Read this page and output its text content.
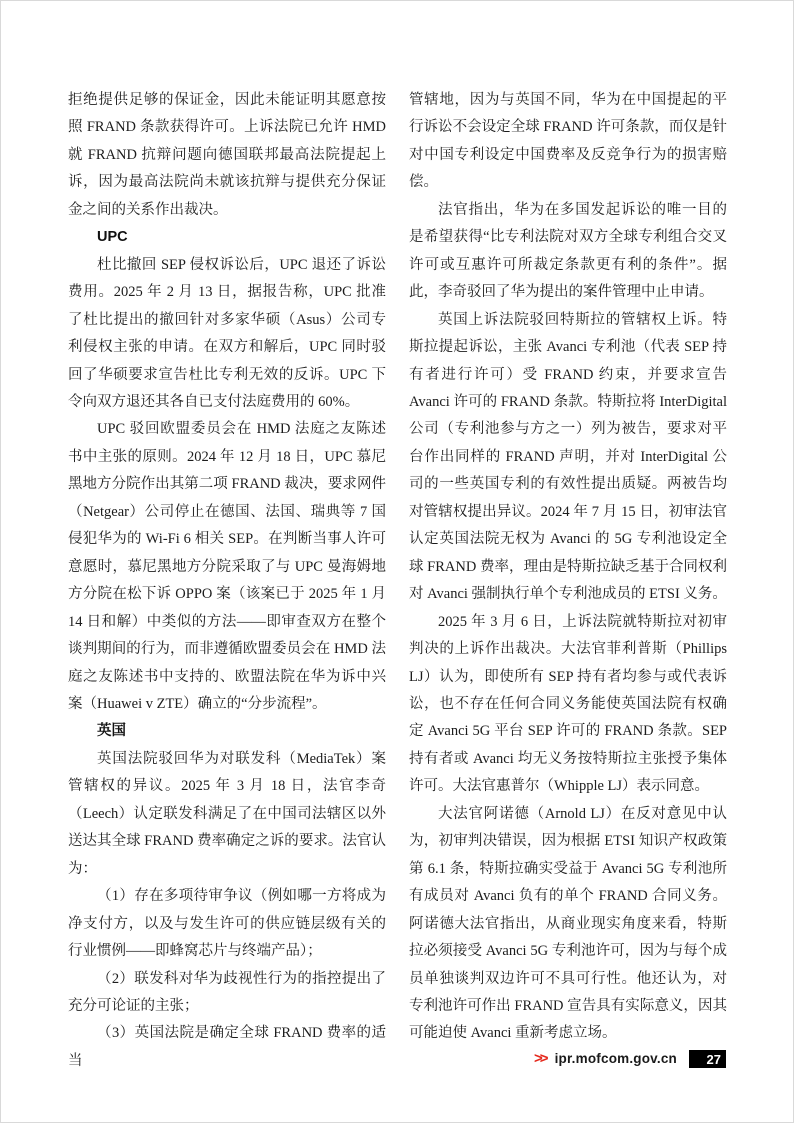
拒绝提供足够的保证金，因此未能证明其愿意按照 FRAND 条款获得许可。上诉法院已允许 HMD 就 FRAND 抗辩问题向德国联邦最高法院提起上诉，因为最高法院尚未就该抗辩与提供充分保证金之间的关系作出裁决。

UPC

杜比撤回 SEP 侵权诉讼后，UPC 退还了诉讼费用。2025 年 2 月 13 日，据报告称，UPC 批准了杜比提出的撤回针对多家华硕（Asus）公司专利侵权主张的申请。在双方和解后，UPC 同时驳回了华硕要求宣告杜比专利无效的反诉。UPC 下令向双方退还其各自已支付法庭费用的 60%。

UPC 驳回欧盟委员会在 HMD 法庭之友陈述书中主张的原则。2024 年 12 月 18 日，UPC 慕尼黑地方分院作出其第二项 FRAND 裁决，要求网件（Netgear）公司停止在德国、法国、瑞典等 7 国侵犯华为的 Wi-Fi 6 相关 SEP。在判断当事人许可意愿时，慕尼黑地方分院采取了与 UPC 曼海姆地方分院在松下诉 OPPO 案（该案已于 2025 年 1 月 14 日和解）中类似的方法——即审查双方在整个谈判期间的行为，而非遵循欧盟委员会在 HMD 法庭之友陈述书中支持的、欧盟法院在华为诉中兴案（Huawei v ZTE）确立的“分步流程”。

英国

英国法院驳回华为对联发科（MediaTek）案管辖权的异议。2025 年 3 月 18 日，法官李奇（Leech）认定联发科满足了在中国司法辖区以外送达其全球 FRAND 费率确定之诉的要求。法官认为：

（1）存在多项待审争议（例如哪一方将成为净支付方，以及与发生许可的供应链层级有关的行业惯例——即蜂窝芯片与终端产品）；

（2）联发科对华为歧视性行为的指控提出了充分可论证的主张；

（3）英国法院是确定全球 FRAND 费率的适当

管辖地，因为与英国不同，华为在中国提起的平行诉讼不会设定全球 FRAND 许可条款，而仅是针对中国专利设定中国费率及反竞争行为的损害赔偿。

法官指出，华为在多国发起诉讼的唯一目的是希望获得“比专利法院对双方全球专利组合交叉许可或互惠许可所裁定条款更有利的条件”。据此，李奇驳回了华为提出的案件管理中止申请。

英国上诉法院驳回特斯拉的管辖权上诉。特斯拉提起诉讼，主张 Avanci 专利池（代表 SEP 持有者进行许可）受 FRAND 约束，并要求宣告 Avanci 许可的 FRAND 条款。特斯拉将 InterDigital 公司（专利池参与方之一）列为被告，要求对平台作出同样的 FRAND 声明，并对 InterDigital 公司的一些英国专利的有效性提出质疑。两被告均对管辖权提出异议。2024 年 7 月 15 日，初审法官认定英国法院无权为 Avanci 的 5G 专利池设定全球 FRAND 费率，理由是特斯拉缺乏基于合同权利对 Avanci 强制执行单个专利池成员的 ETSI 义务。

2025 年 3 月 6 日，上诉法院就特斯拉对初审判决的上诉作出裁决。大法官菲利普斯（Phillips LJ）认为，即使所有 SEP 持有者均参与或代表诉讼，也不存在任何合同义务能使英国法院有权确定 Avanci 5G 平台 SEP 许可的 FRAND 条款。SEP 持有者或 Avanci 均无义务按特斯拉主张授予集体许可。大法官惠普尔（Whipple LJ）表示同意。

大法官阿诺德（Arnold LJ）在反对意见中认为，初审判决错误，因为根据 ETSI 知识产权政策第 6.1 条，特斯拉确实受益于 Avanci 5G 专利池所有成员对 Avanci 负有的单个 FRAND 合同义务。阿诺德大法官指出，从商业现实角度来看，特斯拉必须接受 Avanci 5G 专利池许可，因为与每个成员单独谈判双边许可不具可行性。他还认为，对专利池许可作出 FRAND 宣告具有实际意义，因其可能迫使 Avanci 重新考虑立场。

>> ipr.mofcom.gov.cn	27
